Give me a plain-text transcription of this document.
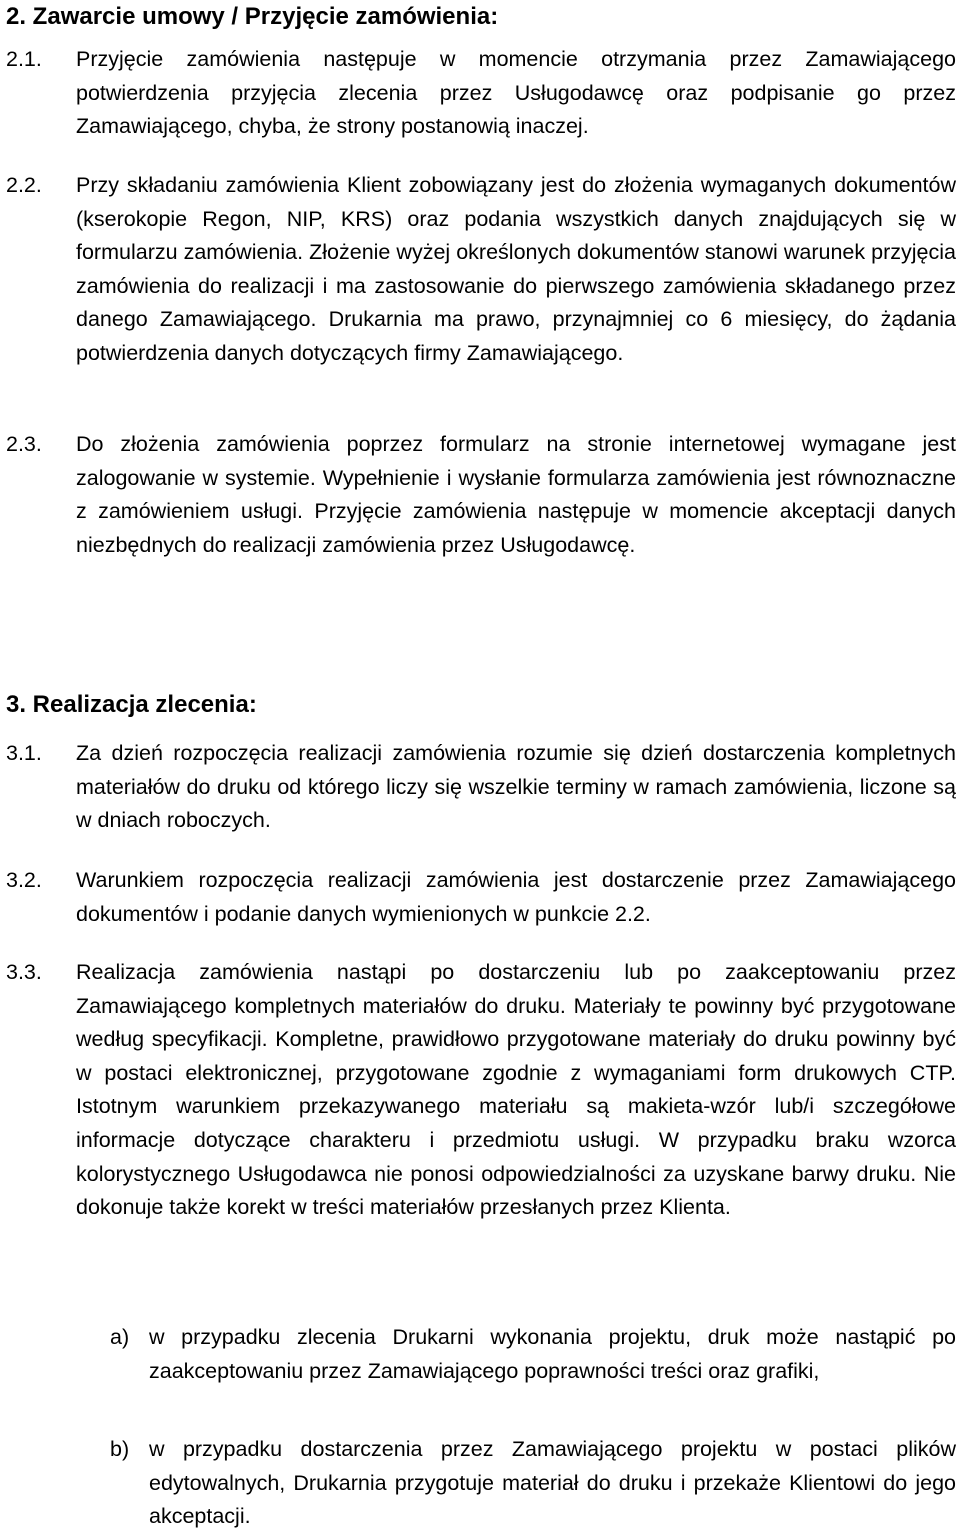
2. Zawarcie umowy / Przyjęcie zamówienia:
2.1. Przyjęcie zamówienia następuje w momencie otrzymania przez Zamawiającego potwierdzenia przyjęcia zlecenia przez Usługodawcę oraz podpisanie go przez Zamawiającego, chyba, że strony postanowią inaczej.
2.2. Przy składaniu zamówienia Klient zobowiązany jest do złożenia wymaganych dokumentów (kserokopie Regon, NIP, KRS) oraz podania wszystkich danych znajdujących się w formularzu zamówienia. Złożenie wyżej określonych dokumentów stanowi warunek przyjęcia zamówienia do realizacji i ma zastosowanie do pierwszego zamówienia składanego przez danego Zamawiającego. Drukarnia ma prawo, przynajmniej co 6 miesięcy, do żądania potwierdzenia danych dotyczących firmy Zamawiającego.
2.3. Do złożenia zamówienia poprzez formularz na stronie internetowej wymagane jest zalogowanie w systemie. Wypełnienie i wysłanie formularza zamówienia jest równoznaczne z zamówieniem usługi. Przyjęcie zamówienia następuje w momencie akceptacji danych niezbędnych do realizacji zamówienia przez Usługodawcę.
3. Realizacja zlecenia:
3.1. Za dzień rozpoczęcia realizacji zamówienia rozumie się dzień dostarczenia kompletnych materiałów do druku od którego liczy się wszelkie terminy w ramach zamówienia, liczone są w dniach roboczych.
3.2. Warunkiem rozpoczęcia realizacji zamówienia jest dostarczenie przez Zamawiającego dokumentów i podanie danych wymienionych w punkcie 2.2.
3.3. Realizacja zamówienia nastąpi po dostarczeniu lub po zaakceptowaniu przez Zamawiającego kompletnych materiałów do druku. Materiały te powinny być przygotowane według specyfikacji. Kompletne, prawidłowo przygotowane materiały do druku powinny być w postaci elektronicznej, przygotowane zgodnie z wymaganiami form drukowych CTP. Istotnym warunkiem przekazywanego materiału są makieta-wzór lub/i szczegółowe informacje dotyczące charakteru i przedmiotu usługi. W przypadku braku wzorca kolorystycznego Usługodawca nie ponosi odpowiedzialności za uzyskane barwy druku. Nie dokonuje także korekt w treści materiałów przesłanych przez Klienta.
a) w przypadku zlecenia Drukarni wykonania projektu, druk może nastąpić po zaakceptowaniu przez Zamawiającego poprawności treści oraz grafiki,
b) w przypadku dostarczenia przez Zamawiającego projektu w postaci plików edytowalnych, Drukarnia przygotuje materiał do druku i przekaże Klientowi do jego akceptacji.
